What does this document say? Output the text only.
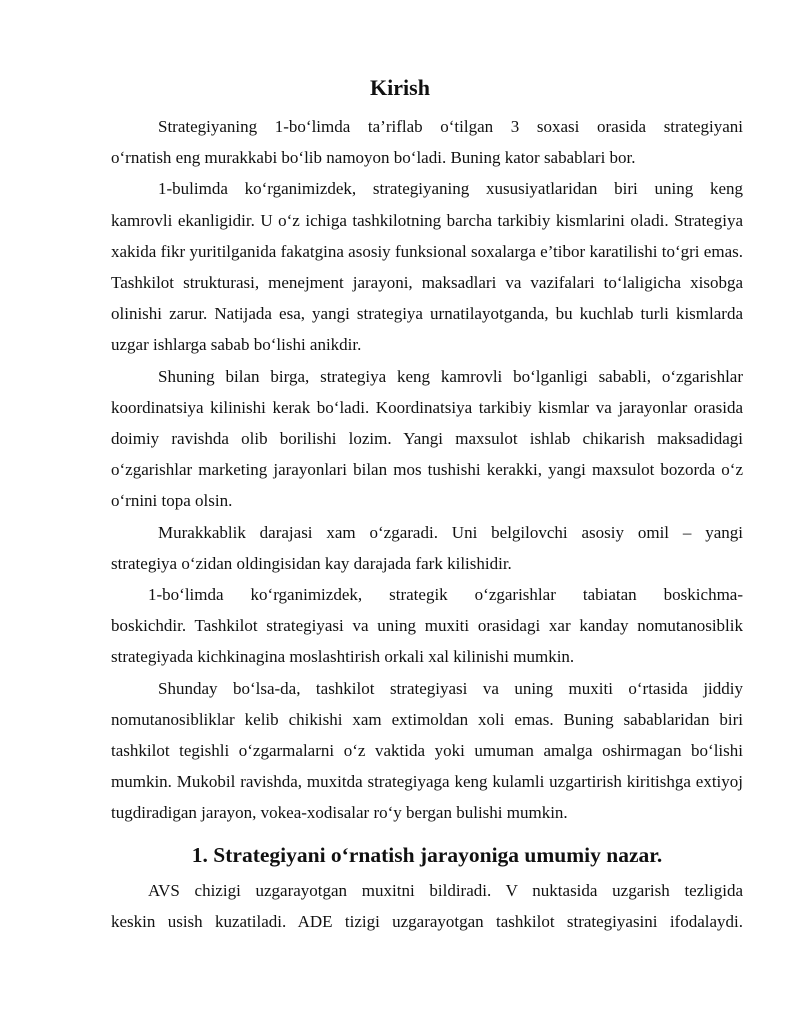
Kirish

Strategiyaning 1-bo‘limda ta’riflab o‘tilgan 3 soxasi orasida strategiyani

o‘rnatish eng murakkabi bo‘lib namoyon bo‘ladi. Buning kator sabablari bor.

1-bulimda ko‘rganimizdek, strategiyaning xususiyatlaridan biri uning keng

kamrovli ekanligidir. U o‘z ichiga tashkilotning barcha tarkibiy kismlarini oladi. Strategiya xakida fikr yuritilganida fakatgina asosiy funksional soxalarga e’tibor karatilishi to‘gri emas. Tashkilot strukturasi, menejment jarayoni, maksadlari va vazifalari to‘laligicha xisobga olinishi zarur. Natijada esa, yangi strategiya urnatilayotganda, bu kuchlab turli kismlarda uzgar ishlarga sabab bo‘lishi anikdir.

Shuning bilan birga, strategiya keng kamrovli bo‘lganligi sababli, o‘zgarishlar

koordinatsiya kilinishi kerak bo‘ladi. Koordinatsiya tarkibiy kismlar va jarayonlar orasida doimiy ravishda olib borilishi lozim. Yangi maxsulot ishlab chikarish maksadidagi o‘zgarishlar marketing jarayonlari bilan mos tushishi kerakki, yangi maxsulot bozorda o‘z o‘rnini topa olsin.

Murakkablik darajasi xam o‘zgaradi. Uni belgilovchi asosiy omil – yangi

strategiya o‘zidan oldingisidan kay darajada fark kilishidir.

1-bo‘limda ko‘rganimizdek, strategik o‘zgarishlar tabiatan boskichma-

boskichdir. Tashkilot strategiyasi va uning muxiti orasidagi xar kanday nomutanosiblik strategiyada kichkinagina moslashtirish orkali xal kilinishi mumkin.

Shunday bo‘lsa-da, tashkilot strategiyasi va uning muxiti o‘rtasida jiddiy

nomutanosibliklar kelib chikishi xam extimoldan xoli emas. Buning sabablaridan biri tashkilot tegishli o‘zgarmalarni o‘z vaktida yoki umuman amalga oshirmagan bo‘lishi mumkin. Mukobil ravishda, muxitda strategiyaga keng kulamli uzgartirish kiritishga extiyoj tugdiradigan jarayon, vokea-xodisalar ro‘y bergan bulishi mumkin.

1. Strategiyani o‘rnatish jarayoniga umumiy nazar.

AVS chizigi uzgarayotgan muxitni bildiradi. V nuktasida uzgarish tezligida

keskin usish kuzatiladi. ADE tizigi uzgarayotgan tashkilot strategiyasini ifodalaydi.
